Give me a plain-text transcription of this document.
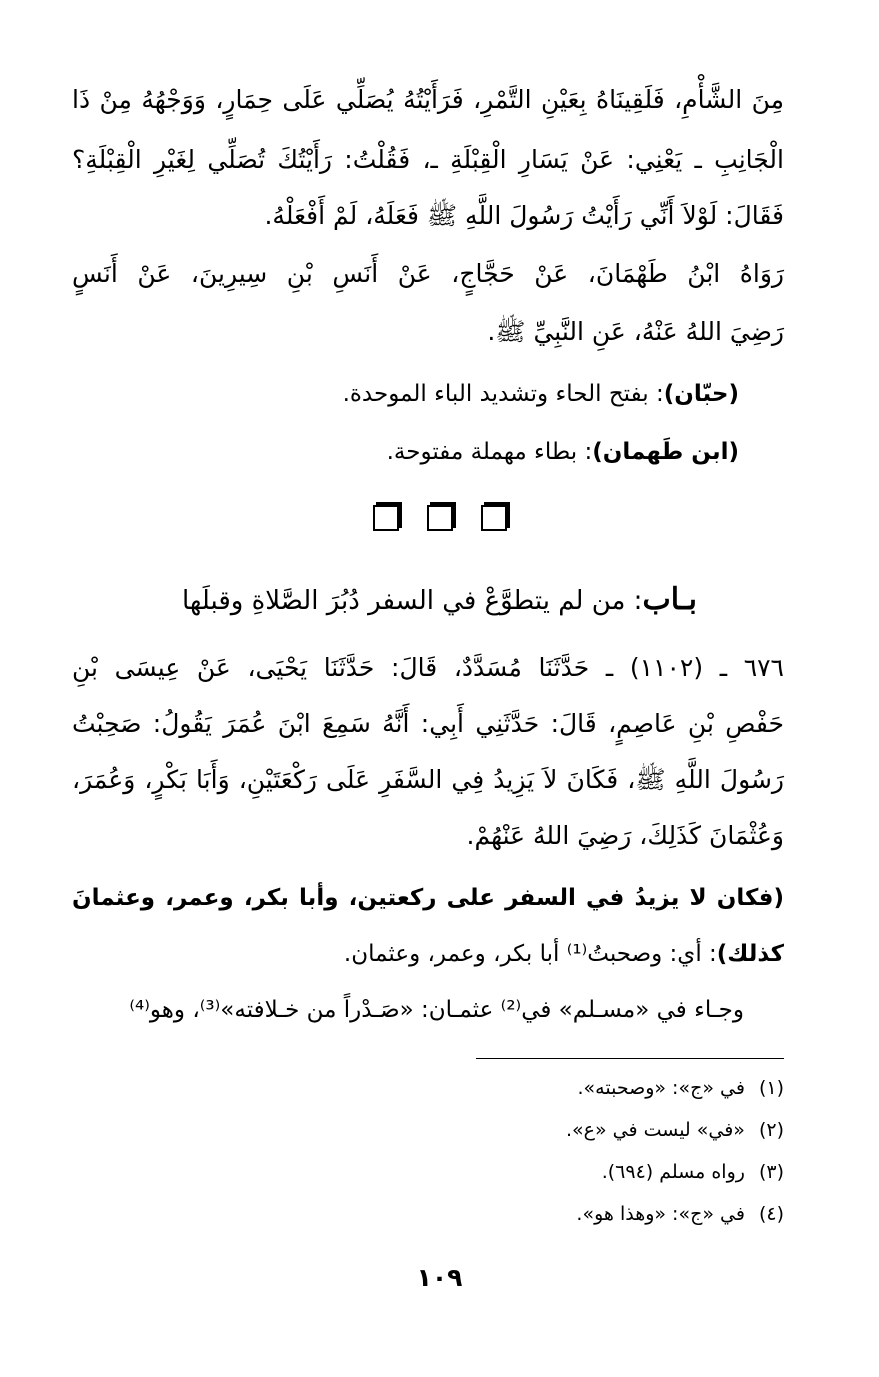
مِنَ الشَّأْمِ، فَلَقِينَاهُ بِعَيْنِ التَّمْرِ، فَرَأَيْتُهُ يُصَلِّي عَلَى حِمَارٍ، وَوَجْهُهُ مِنْ ذَا
الْجَانِبِ ـ يَعْنِي: عَنْ يَسَارِ الْقِبْلَةِ ـ، فَقُلْتُ: رَأَيْتُكَ تُصَلِّي لِغَيْرِ الْقِبْلَةِ؟
فَقَالَ: لَوْلاَ أَنِّي رَأَيْتُ رَسُولَ اللَّهِ ﷺ فَعَلَهُ، لَمْ أَفْعَلْهُ.
رَوَاهُ ابْنُ طَهْمَانَ، عَنْ حَجَّاجٍ، عَنْ أَنَسِ بْنِ سِيرِينَ، عَنْ أَنَسٍ
رَضِيَ اللهُ عَنْهُ، عَنِ النَّبِيِّ ﷺ.
(حبّان): بفتح الحاء وتشديد الباء الموحدة.
(ابن طَهمان): بطاء مهملة مفتوحة.
بـاب: من لم يتطوَّعْ في السفر دُبُرَ الصَّلاةِ وقبلَها
٦٧٦ ـ (١١٠٢) ـ حَدَّثَنَا مُسَدَّدٌ، قَالَ: حَدَّثَنَا يَحْيَى، عَنْ عِيسَى بْنِ
حَفْصِ بْنِ عَاصِمٍ، قَالَ: حَدَّثَنِي أَبِي: أَنَّهُ سَمِعَ ابْنَ عُمَرَ يَقُولُ: صَحِبْتُ
رَسُولَ اللَّهِ ﷺ، فَكَانَ لاَ يَزِيدُ فِي السَّفَرِ عَلَى رَكْعَتَيْنِ، وَأَبَا بَكْرٍ، وَعُمَرَ،
وَعُثْمَانَ كَذَلِكَ، رَضِيَ اللهُ عَنْهُمْ.
(فكان لا يزيدُ في السفر على ركعتين، وأبا بكر، وعمر، وعثمانَ
كذلك): أي: وصحبتُ⁽¹⁾ أبا بكر، وعمر، وعثمان.
وجـاء في «مسـلم» في⁽²⁾ عثمـان: «صَـدْراً من خـلافته»⁽³⁾، وهو⁽⁴⁾
(١)في «ج»: «وصحبته».
(٢)«في» ليست في «ع».
(٣)رواه مسلم (٦٩٤).
(٤)في «ج»: «وهذا هو».
١٠٩
